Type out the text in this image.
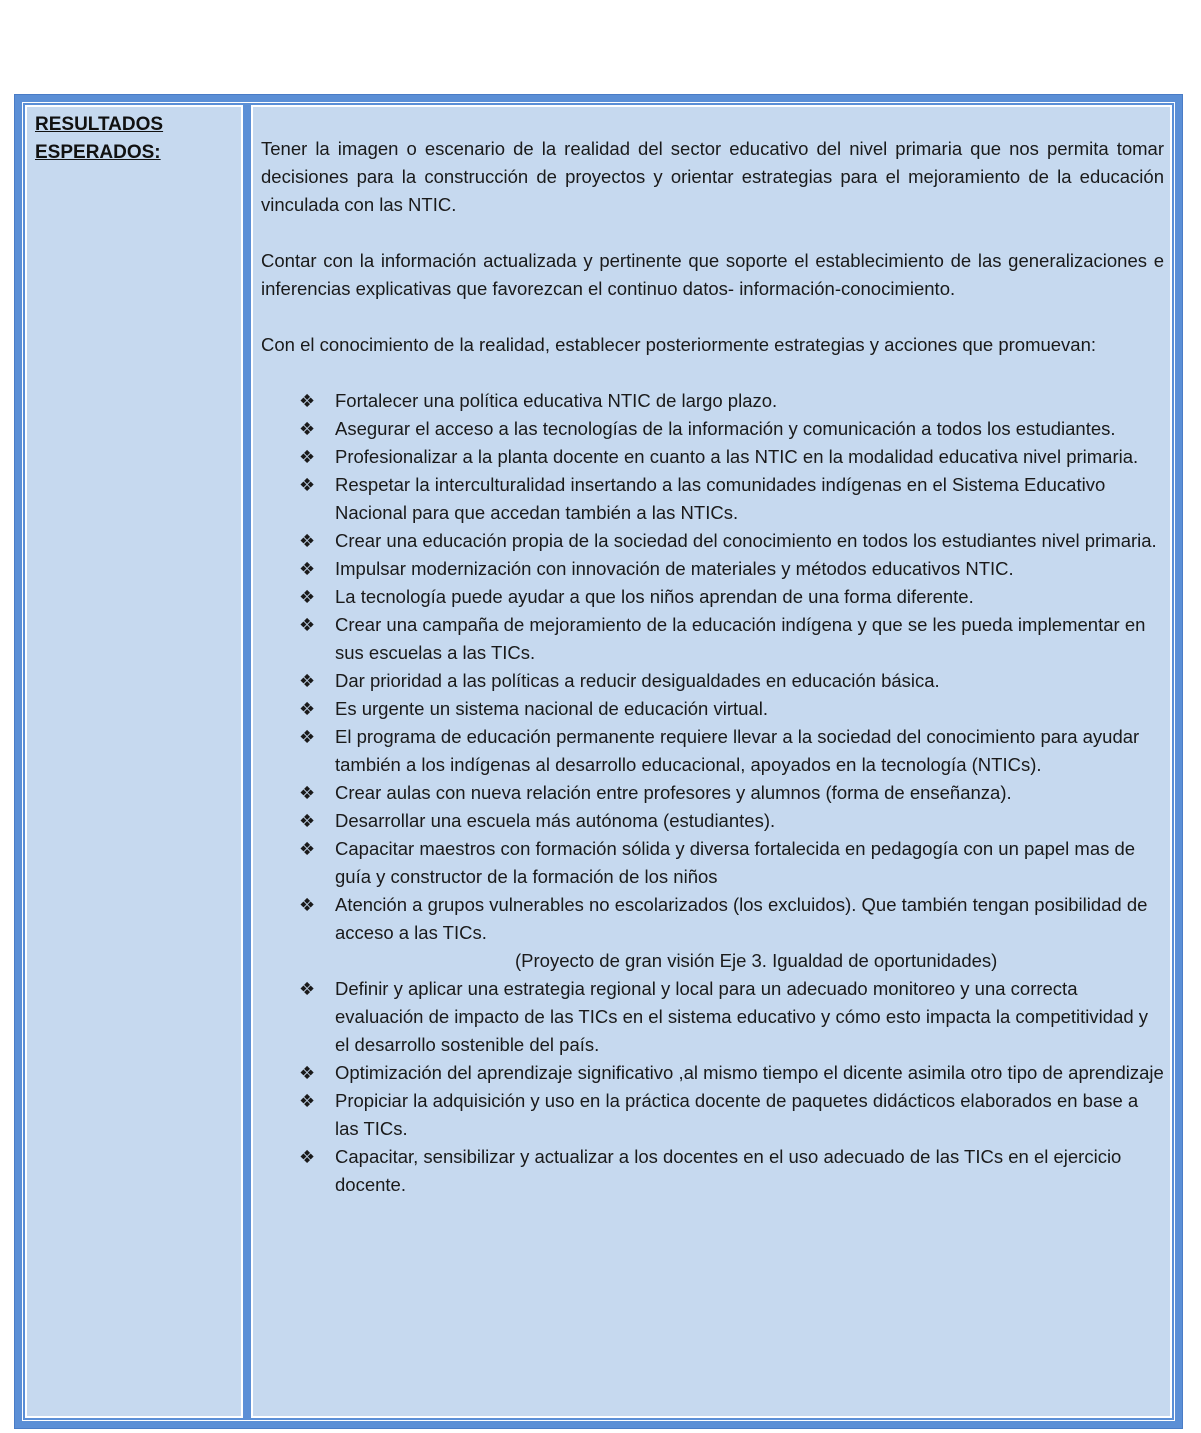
RESULTADOS
ESPERADOS:	Tener la imagen o escenario de la realidad del sector educativo del nivel primaria que nos permita tomar decisiones para la construcción de proyectos y orientar estrategias para el mejoramiento de la educación vinculada con las NTIC.

Contar con la información actualizada y pertinente que soporte el establecimiento de las generalizaciones e inferencias explicativas que favorezcan el continuo datos- información-conocimiento.

Con el conocimiento de la realidad, establecer posteriormente estrategias y acciones que promuevan:

❖ Fortalecer una política educativa NTIC de largo plazo.
❖ Asegurar el acceso a las tecnologías de la información y comunicación a todos los estudiantes.
❖ Profesionalizar a la planta docente en cuanto a las NTIC en la modalidad educativa nivel primaria.
❖ Respetar la interculturalidad insertando a las comunidades indígenas en el Sistema Educativo Nacional para que accedan también a las NTICs.
❖ Crear una educación propia de la sociedad del conocimiento en todos los estudiantes nivel primaria.
❖ Impulsar modernización con innovación de materiales y métodos educativos NTIC.
❖ La tecnología puede ayudar a que los niños aprendan de una forma diferente.
❖ Crear una campaña de mejoramiento de la educación indígena y que se les pueda implementar en sus escuelas a las TICs.
❖ Dar prioridad a las políticas a reducir desigualdades en educación básica.
❖ Es urgente un sistema nacional de educación virtual.
❖ El programa de educación permanente requiere llevar a la sociedad del conocimiento para ayudar también a los indígenas al desarrollo educacional, apoyados en la tecnología (NTICs).
❖ Crear aulas con nueva relación entre profesores y alumnos (forma de enseñanza).
❖ Desarrollar una escuela más autónoma (estudiantes).
❖ Capacitar maestros con formación sólida y diversa fortalecida en pedagogía con un papel mas de guía y constructor de la formación de los niños
❖ Atención a grupos vulnerables no escolarizados (los excluidos). Que también tengan posibilidad de acceso a las TICs.
(Proyecto de gran visión Eje 3. Igualdad de oportunidades)
❖ Definir y aplicar una estrategia regional y local para un adecuado monitoreo y una correcta evaluación de impacto de las TICs en el sistema educativo y cómo esto impacta la competitividad y el desarrollo sostenible del país.
❖ Optimización del aprendizaje significativo ,al mismo tiempo el dicente asimila otro tipo de aprendizaje
❖ Propiciar la adquisición y uso en la práctica docente de paquetes didácticos elaborados en base a las TICs.
❖ Capacitar, sensibilizar y actualizar a los docentes en el uso adecuado de las TICs en el ejercicio docente.
